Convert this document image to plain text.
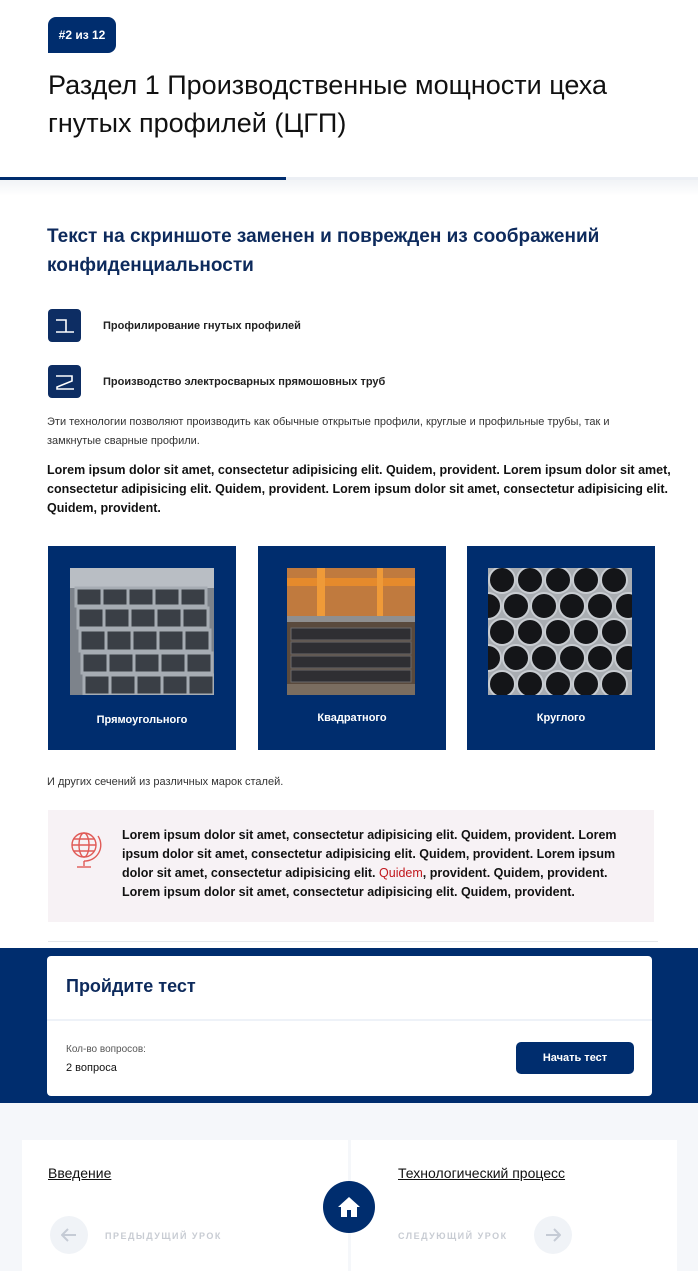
#2 из 12
Раздел 1 Производственные мощности цеха гнутых профилей (ЦГП)
Текст на скриншоте заменен и поврежден из соображений конфиденциальности
Профилирование гнутых профилей
Производство электросварных прямошовных труб

Эти технологии позволяют производить как обычные открытые профили, круглые и профильные трубы, так и замкнутые сварные профили.

Lorem ipsum dolor sit amet, consectetur adipisicing elit. Quidem, provident. Lorem ipsum dolor sit amet, consectetur adipisicing elit. Quidem, provident. Lorem ipsum dolor sit amet, consectetur adipisicing elit. Quidem, provident.

Прямоугольного	Квадратного	Круглого

И других сечений из различных марок сталей.

Lorem ipsum dolor sit amet, consectetur adipisicing elit. Quidem, provident. Lorem ipsum dolor sit amet, consectetur adipisicing elit. Quidem, provident. Lorem ipsum dolor sit amet, consectetur adipisicing elit. Quidem, provident. Quidem, provident. Lorem ipsum dolor sit amet, consectetur adipisicing elit. Quidem, provident.
Пройдите тест
Кол-во вопросов:
2 вопроса
Начать тест
Введение
ПРЕДЫДУЩИЙ УРОК
Технологический процесс
СЛЕДУЮЩИЙ УРОК
